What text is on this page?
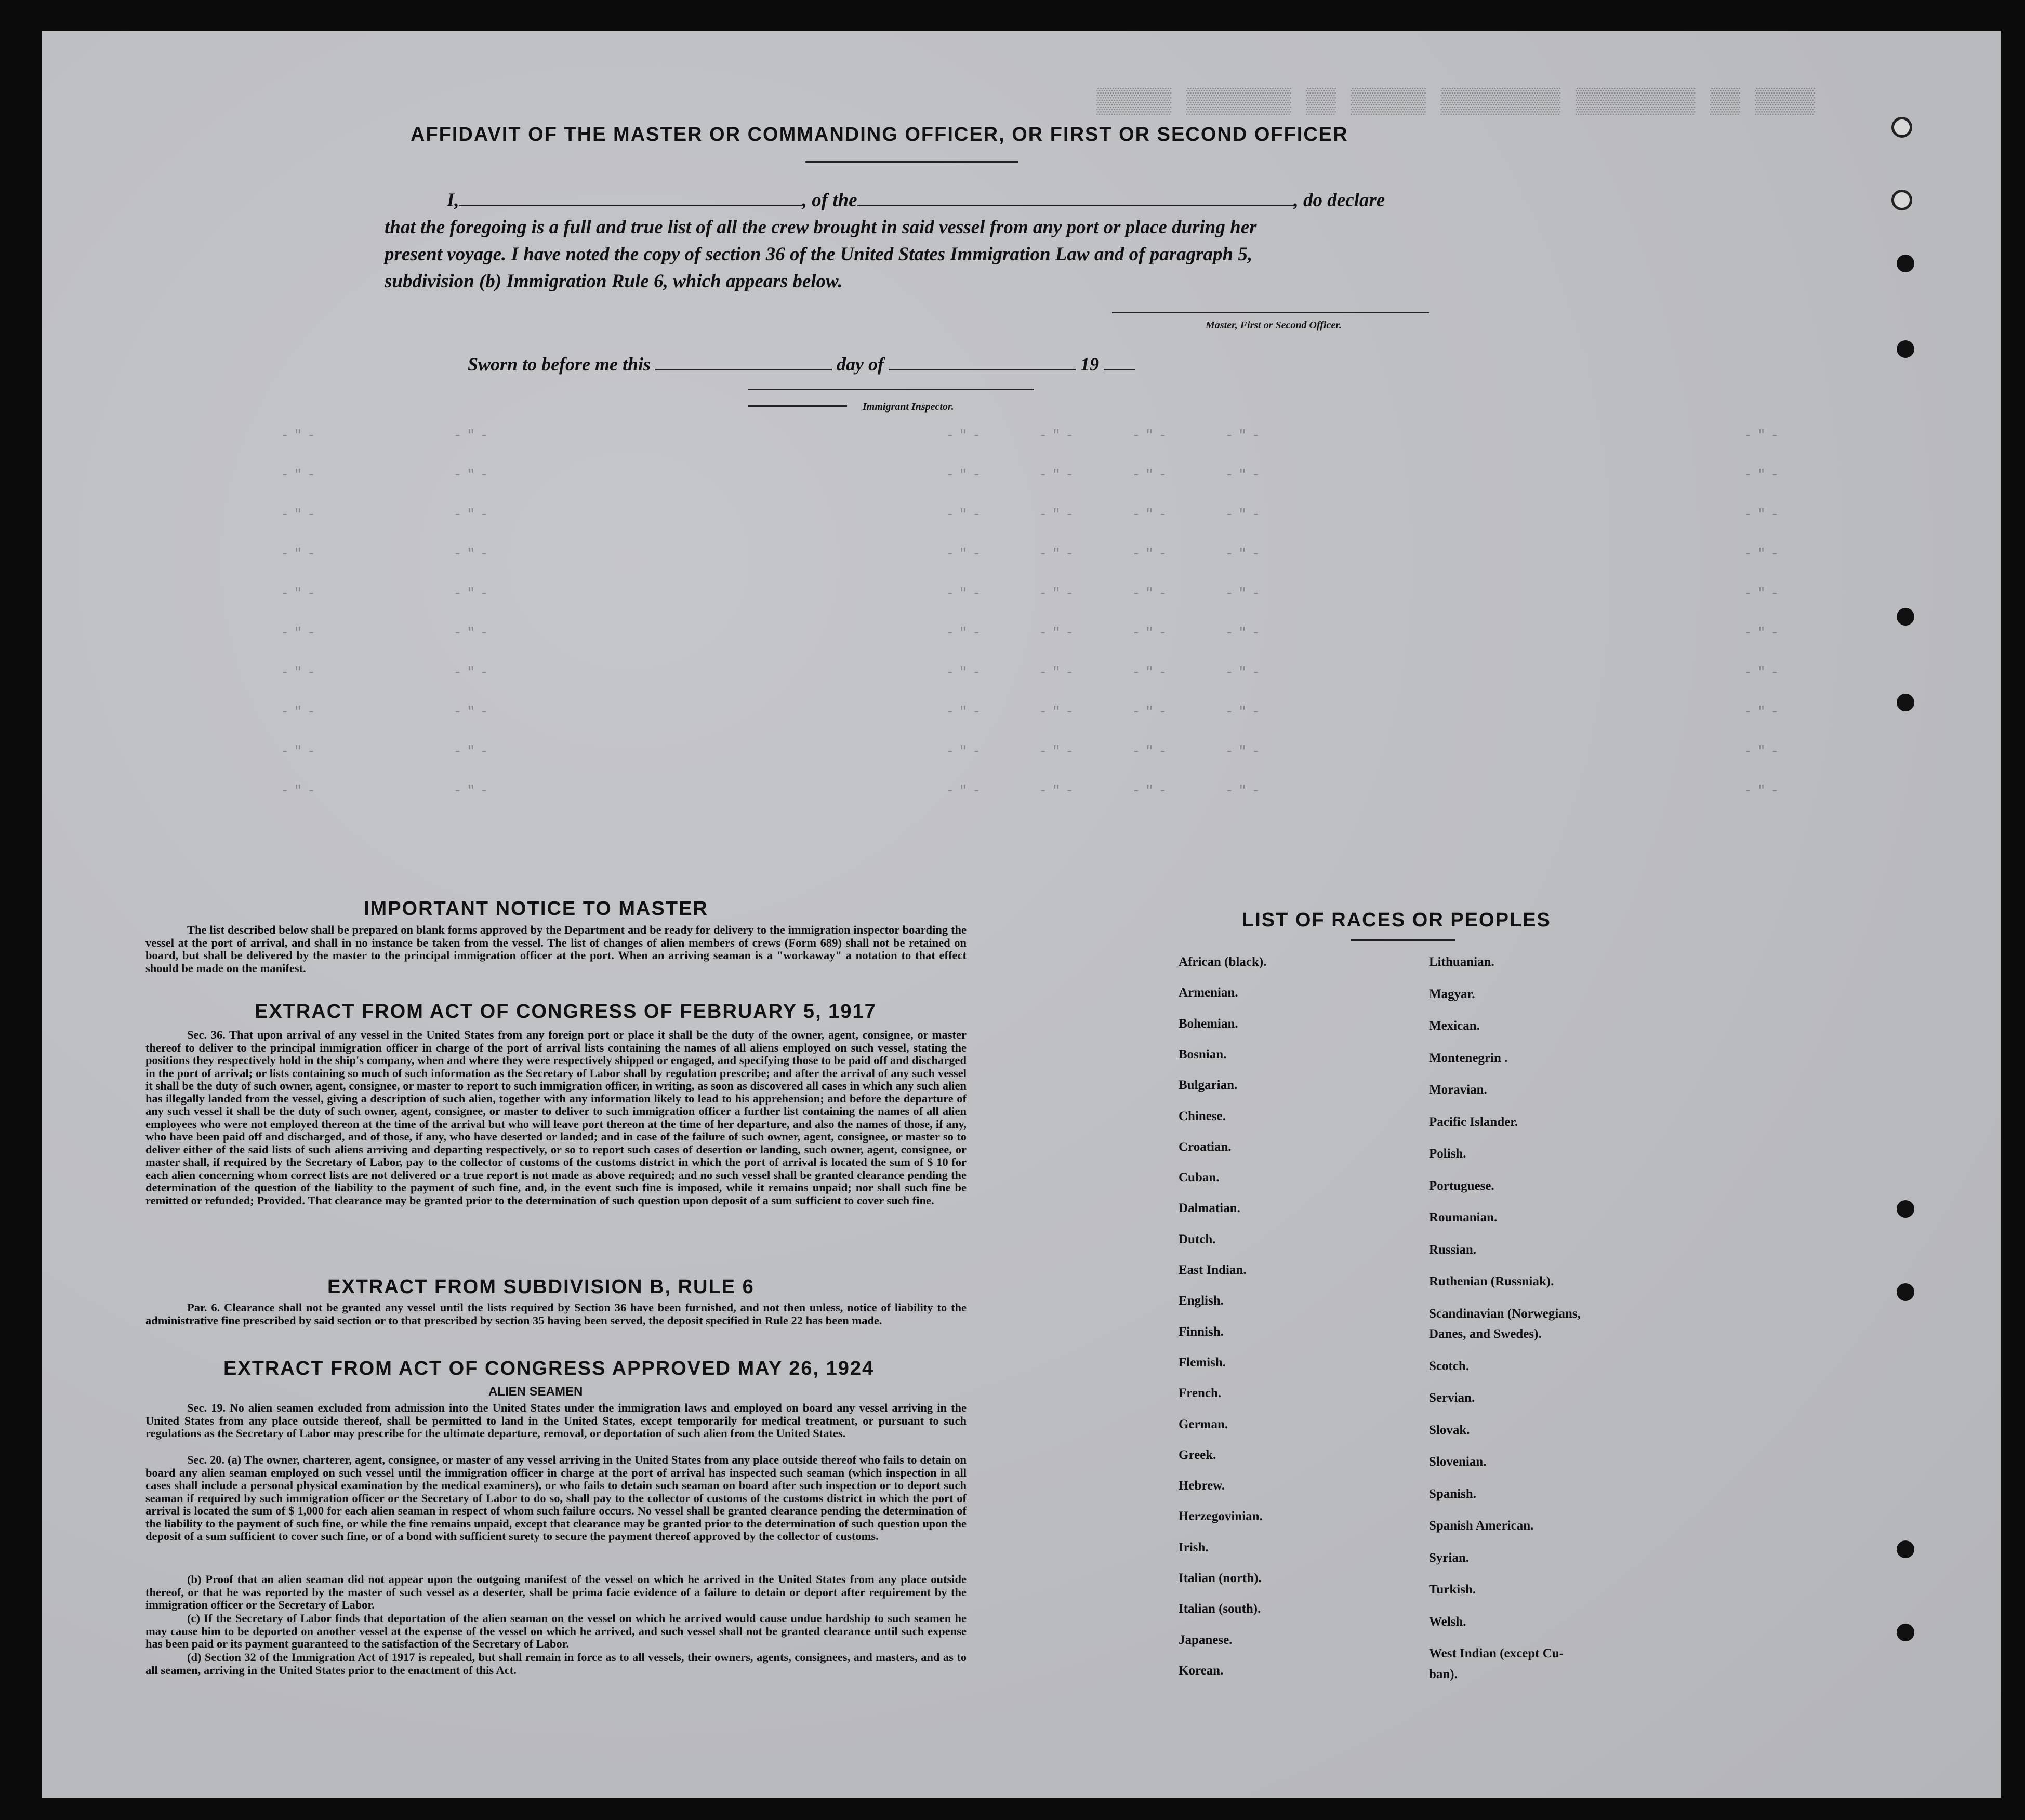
▒▒▒▒▒ ▒▒▒▒▒▒▒ ▒▒ ▒▒▒▒▒ ▒▒▒▒▒▒▒▒ ▒▒▒▒▒▒▒▒ ▒▒ ▒▒▒▒
-"-          -"-                                  -"-    -"-    -"-    -"-                                    -"-
-"-          -"-                                  -"-    -"-    -"-    -"-                                    -"-
-"-          -"-                                  -"-    -"-    -"-    -"-                                    -"-
-"-          -"-                                  -"-    -"-    -"-    -"-                                    -"-
-"-          -"-                                  -"-    -"-    -"-    -"-                                    -"-
-"-          -"-                                  -"-    -"-    -"-    -"-                                    -"-
-"-          -"-                                  -"-    -"-    -"-    -"-                                    -"-
-"-          -"-                                  -"-    -"-    -"-    -"-                                    -"-
-"-          -"-                                  -"-    -"-    -"-    -"-                                    -"-
-"-          -"-                                  -"-    -"-    -"-    -"-                                    -"-
AFFIDAVIT OF THE MASTER OR COMMANDING OFFICER, OR FIRST OR SECOND OFFICER
I,	, of the	, do declare
that the foregoing is a full and true list of all the crew brought in said vessel from any port or place during her
present voyage. I have noted the copy of section 36 of the United States Immigration Law and of paragraph 5,
subdivision (b) Immigration Rule 6, which appears below.
Master, First or Second Officer.
Sworn to before me this	day of	19
Immigrant Inspector.
IMPORTANT NOTICE TO MASTER
The list described below shall be prepared on blank forms approved by the Department and be ready for delivery to the immigration inspector boarding the vessel at the port of arrival, and shall in no instance be taken from the vessel. The list of changes of alien members of crews (Form 689) shall not be retained on board, but shall be delivered by the master to the principal immigration officer at the port. When an arriving seaman is a "workaway" a notation to that effect should be made on the manifest.
EXTRACT FROM ACT OF CONGRESS OF FEBRUARY 5, 1917
Sec. 36. That upon arrival of any vessel in the United States from any foreign port or place it shall be the duty of the owner, agent, consignee, or master thereof to deliver to the principal immigration officer in charge of the port of arrival lists containing the names of all aliens employed on such vessel, stating the positions they respectively hold in the ship's company, when and where they were respectively shipped or engaged, and specifying those to be paid off and discharged in the port of arrival; or lists containing so much of such information as the Secretary of Labor shall by regulation prescribe; and after the arrival of any such vessel it shall be the duty of such owner, agent, consignee, or master to report to such immigration officer, in writing, as soon as discovered all cases in which any such alien has illegally landed from the vessel, giving a description of such alien, together with any information likely to lead to his apprehension; and before the departure of any such vessel it shall be the duty of such owner, agent, consignee, or master to deliver to such immigration officer a further list containing the names of all alien employees who were not employed thereon at the time of the arrival but who will leave port thereon at the time of her departure, and also the names of those, if any, who have been paid off and discharged, and of those, if any, who have deserted or landed; and in case of the failure of such owner, agent, consignee, or master so to deliver either of the said lists of such aliens arriving and departing respectively, or so to report such cases of desertion or landing, such owner, agent, consignee, or master shall, if required by the Secretary of Labor, pay to the collector of customs of the customs district in which the port of arrival is located the sum of $ 10 for each alien concerning whom correct lists are not delivered or a true report is not made as above required; and no such vessel shall be granted clearance pending the determination of the question of the liability to the payment of such fine, and, in the event such fine is imposed, while it remains unpaid; nor shall such fine be remitted or refunded; Provided. That clearance may be granted prior to the determination of such question upon deposit of a sum sufficient to cover such fine.
EXTRACT FROM SUBDIVISION B, RULE 6
Par. 6. Clearance shall not be granted any vessel until the lists required by Section 36 have been furnished, and not then unless, notice of liability to the administrative fine prescribed by said section or to that prescribed by section 35 having been served, the deposit specified in Rule 22 has been made.
EXTRACT FROM ACT OF CONGRESS APPROVED MAY 26, 1924
ALIEN SEAMEN
Sec. 19. No alien seamen excluded from admission into the United States under the immigration laws and employed on board any vessel arriving in the United States from any place outside thereof, shall be permitted to land in the United States, except temporarily for medical treatment, or pursuant to such regulations as the Secretary of Labor may prescribe for the ultimate departure, removal, or deportation of such alien from the United States.
Sec. 20. (a) The owner, charterer, agent, consignee, or master of any vessel arriving in the United States from any place outside thereof who fails to detain on board any alien seaman employed on such vessel until the immigration officer in charge at the port of arrival has inspected such seaman (which inspection in all cases shall include a personal physical examination by the medical examiners), or who fails to detain such seaman on board after such inspection or to deport such seaman if required by such immigration officer or the Secretary of Labor to do so, shall pay to the collector of customs of the customs district in which the port of arrival is located the sum of $ 1,000 for each alien seaman in respect of whom such failure occurs. No vessel shall be granted clearance pending the determination of the liability to the payment of such fine, or while the fine remains unpaid, except that clearance may be granted prior to the determination of such question upon the deposit of a sum sufficient to cover such fine, or of a bond with sufficient surety to secure the payment thereof approved by the collector of customs.
(b) Proof that an alien seaman did not appear upon the outgoing manifest of the vessel on which he arrived in the United States from any place outside thereof, or that he was reported by the master of such vessel as a deserter, shall be prima facie evidence of a failure to detain or deport after requirement by the immigration officer or the Secretary of Labor.
(c) If the Secretary of Labor finds that deportation of the alien seaman on the vessel on which he arrived would cause undue hardship to such seamen he may cause him to be deported on another vessel at the expense of the vessel on which he arrived, and such vessel shall not be granted clearance until such expense has been paid or its payment guaranteed to the satisfaction of the Secretary of Labor.
(d) Section 32 of the Immigration Act of 1917 is repealed, but shall remain in force as to all vessels, their owners, agents, consignees, and masters, and as to all seamen, arriving in the United States prior to the enactment of this Act.
LIST OF RACES OR PEOPLES
African (black).
Armenian.
Bohemian.
Bosnian.
Bulgarian.
Chinese.
Croatian.
Cuban.
Dalmatian.
Dutch.
East Indian.
English.
Finnish.
Flemish.
French.
German.
Greek.
Hebrew.
Herzegovinian.
Irish.
Italian (north).
Italian (south).
Japanese.
Korean.
Lithuanian.
Magyar.
Mexican.
Montenegrin .
Moravian.
Pacific Islander.
Polish.
Portuguese.
Roumanian.
Russian.
Ruthenian (Russniak).
Scandinavian (Norwegians,
Danes, and Swedes).
Scotch.
Servian.
Slovak.
Slovenian.
Spanish.
Spanish American.
Syrian.
Turkish.
Welsh.
West Indian (except Cu-
ban).
